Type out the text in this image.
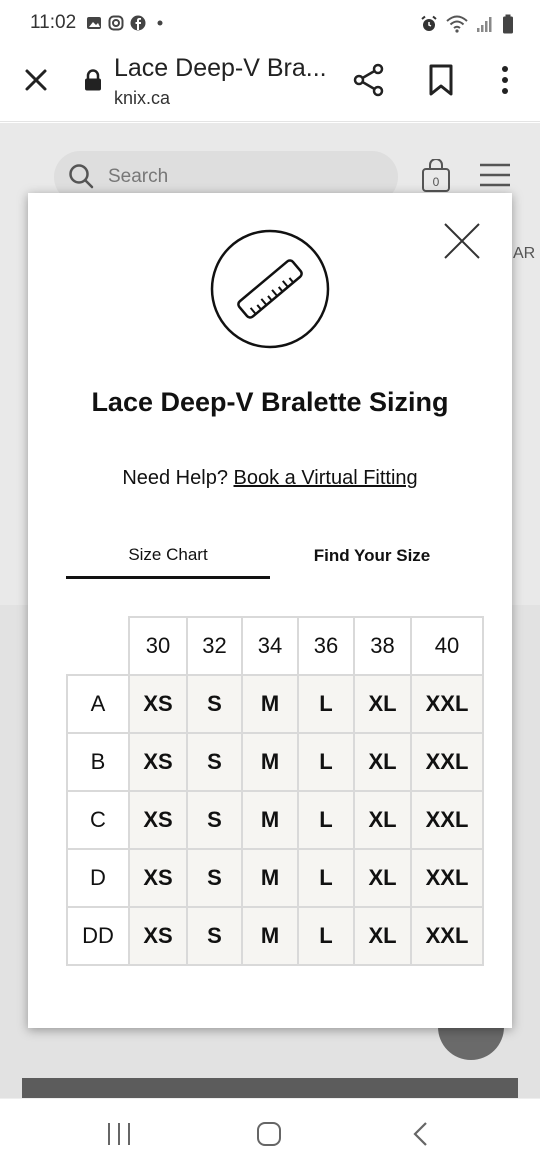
11:02
Lace Deep-V Bra...
knix.ca
Search	0
AR
Lace Deep-V Bralette Sizing
Need Help? Book a Virtual Fitting
Size Chart	Find Your Size
	30	32	34	36	38	40
A	XS	S	M	L	XL	XXL
B	XS	S	M	L	XL	XXL
C	XS	S	M	L	XL	XXL
D	XS	S	M	L	XL	XXL
DD	XS	S	M	L	XL	XXL
